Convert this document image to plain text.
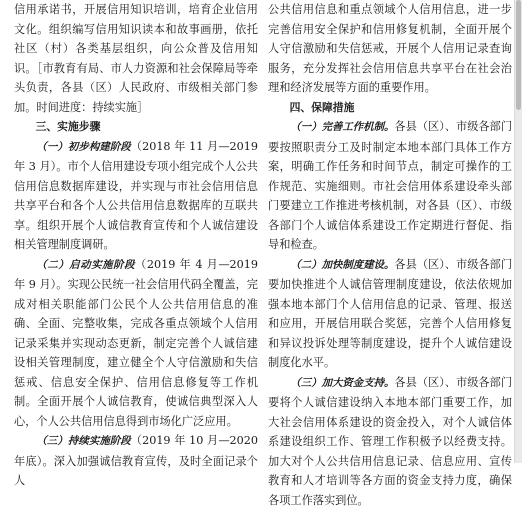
信用承诺书，开展信用知识培训，培育企业信用文化。组织编写信用知识读本和故事画册，依托社区（村）各类基层组织，向公众普及信用知识。［市教育有局、市人力资源和社会保障局等牵头负责，各县（区）人民政府、市级相关部门参加。时间进度：持续实施］

三、实施步骤

（一）初步构建阶段（2018 年 11 月—2019 年 3 月）。市个人信用建设专项小组完成个人公共信用信息数据库建设，并实现与市社会信用信息共享平台和各个人公共信用信息数据库的互联共享。组织开展个人诚信教育宣传和个人诚信建设相关管理制度调研。

（二）启动实施阶段（2019 年 4 月—2019 年 9 月）。实现公民统一社会信用代码全覆盖，完成对相关职能部门公民个人公共信用信息的准确、全面、完整收集，完成各重点领域个人信用记录采集并实现动态更新，制定完善个人诚信建设相关管理制度，建立健全个人守信激励和失信惩戒、信息安全保护、信用信息修复等工作机制。全面开展个人诚信教育，使诚信典型深入人心，个人公共信用信息得到市场化广泛应用。

（三）持续实施阶段（2019 年 10 月—2020 年底）。深入加强诚信教育宣传，及时全面记录个人

公共信用信息和重点领域个人信用信息，进一步完善信用安全保护和信用修复机制，全面开展个人守信激励和失信惩戒，开展个人信用记录查询服务，充分发挥社会信用信息共享平台在社会治理和经济发展等方面的重要作用。

四、保障措施

（一）完善工作机制。各县（区）、市级各部门要按照职责分工及时制定本地本部门具体工作方案，明确工作任务和时间节点，制定可操作的工作规范、实施细则。市社会信用体系建设牵头部门要建立工作推进考核机制，对各县（区）、市级各部门个人诚信体系建设工作定期进行督促、指导和检查。

（二）加快制度建设。各县（区）、市级各部门要加快推进个人诚信管理制度建设，依法依规加强本地本部门个人信用信息的记录、管理、报送和应用，开展信用联合奖惩，完善个人信用修复和异议投诉处理等制度建设，提升个人诚信建设制度化水平。

（三）加大资金支持。各县（区）、市级各部门要将个人诚信建设纳入本地本部门重要工作，加大社会信用体系建设的资金投入，对个人诚信体系建设组织工作、管理工作积极予以经费支持。加大对个人公共信用信息记录、信息应用、宣传教育和人才培训等各方面的资金支持力度，确保各项工作落实到位。
